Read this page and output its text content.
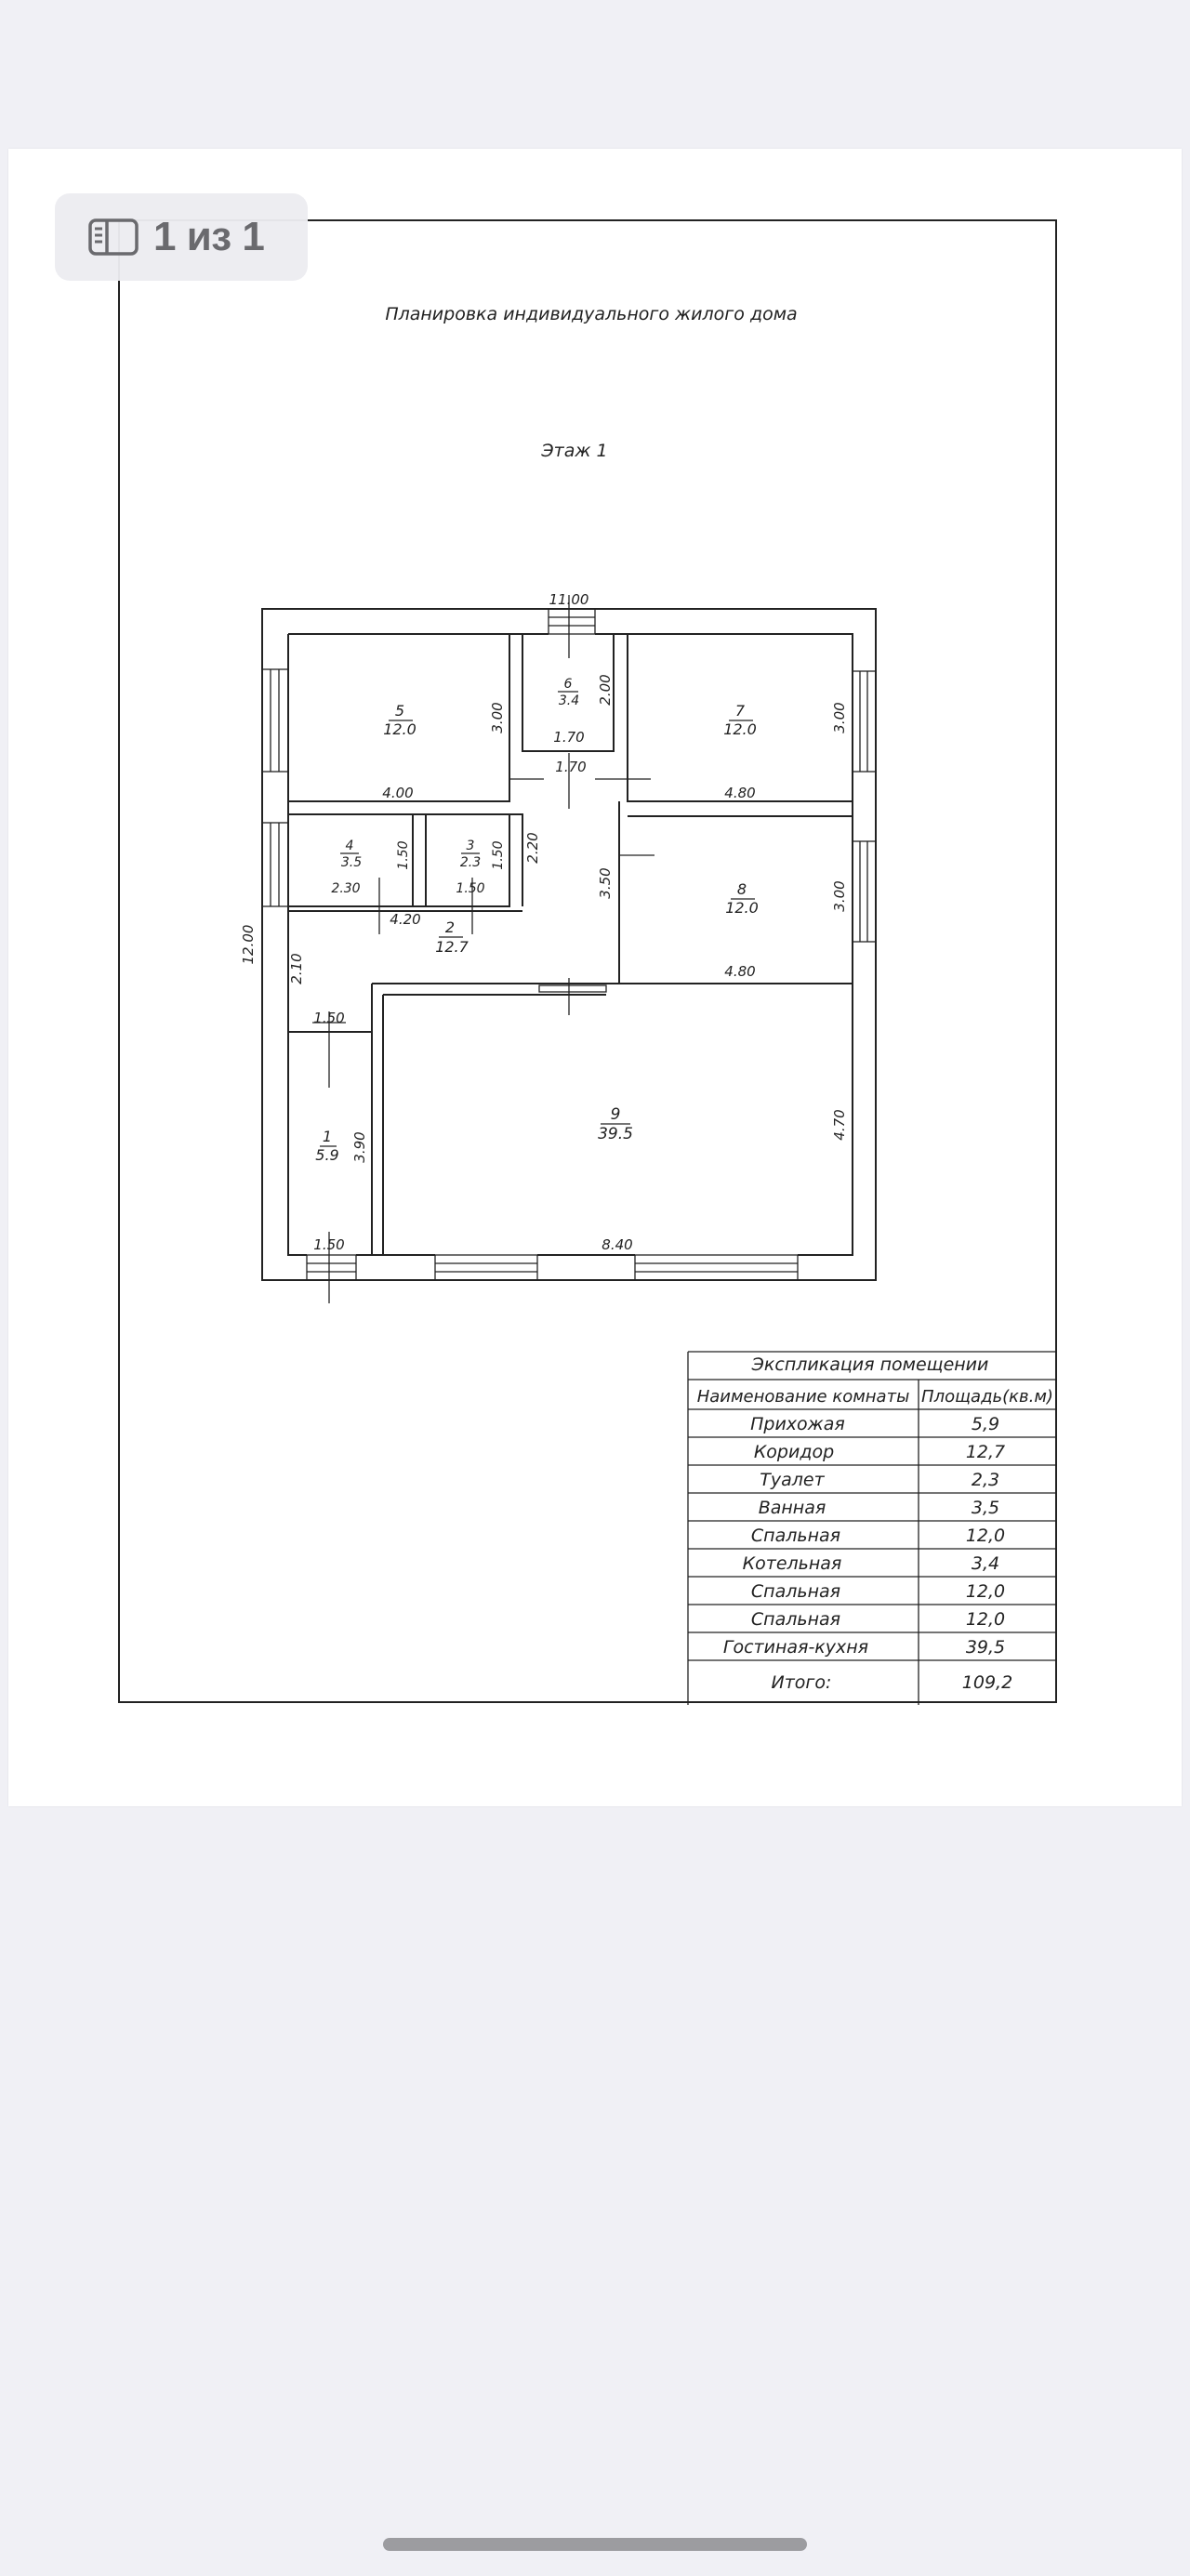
Планировка индивидуального жилого дома
Этаж 1
1
5.9
2
12.7
3
2.3
4
3.5
5
12.0
6
3.4
7
12.0
8
12.0
9
39.5
11.00
12.00
4.00
3.00
2.00
1.70
1.70
4.80
3.00
2.30
1.50
1.50
1.50
4.20
2.20
3.50
2.10	4.80
3.00
1.50
3.90
1.50	8.40
4.70
Экспликация помещении
Наименование комнаты Площадь(кв.м)
Прихожая	5,9
Коридор	12,7
Туалет	2,3
Ванная	3,5
Спальная	12,0
Котельная	3,4
Спальная	12,0
Спальная	12,0
Гостиная-кухня	39,5
Итого:	109,2
1 из 1
